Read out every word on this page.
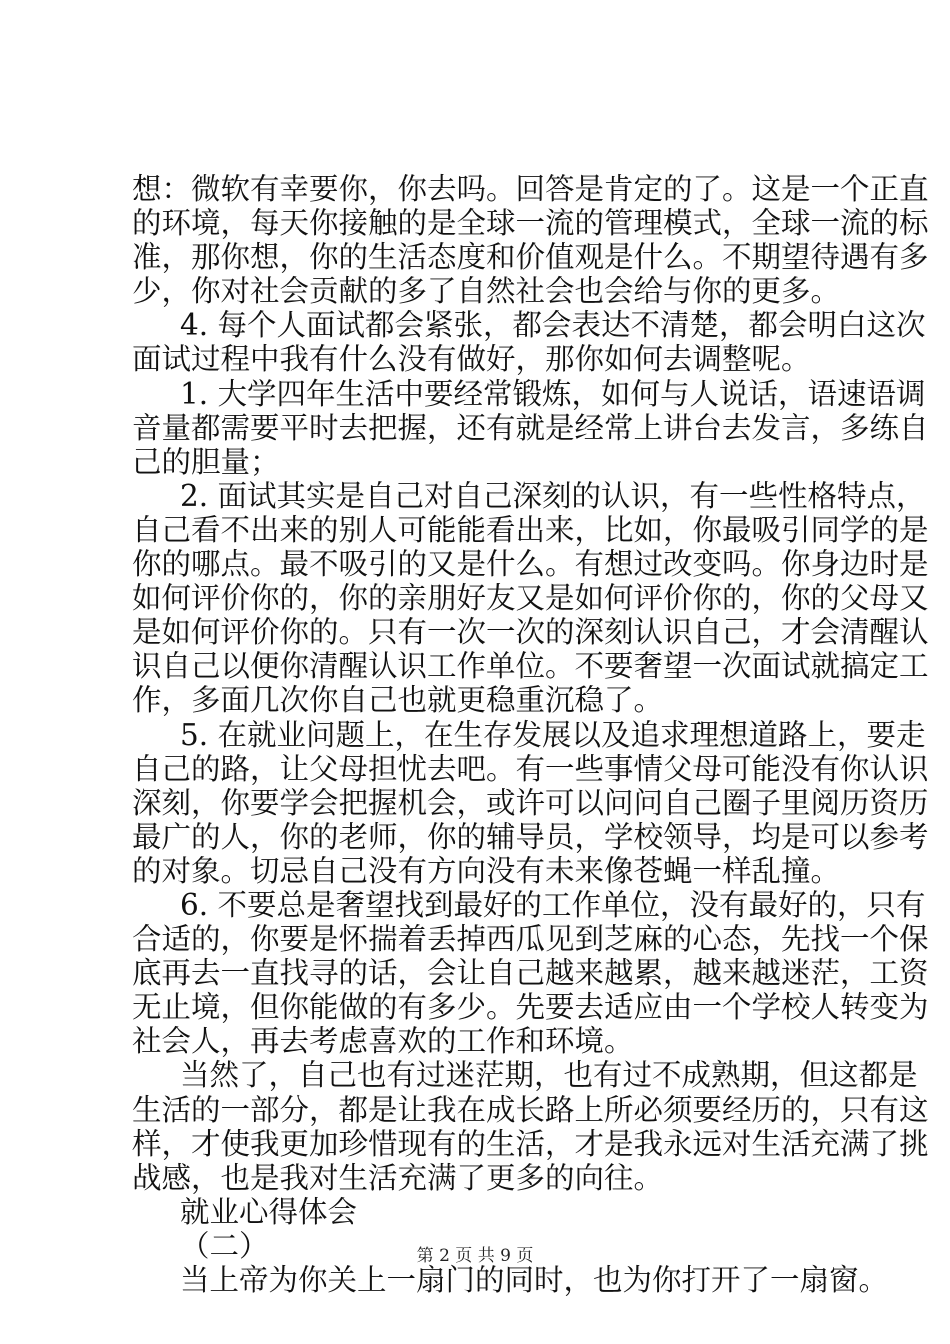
想：微软有幸要你，你去吗。回答是肯定的了。这是一个正直
的环境，每天你接触的是全球一流的管理模式，全球一流的标
准，那你想，你的生活态度和价值观是什么。不期望待遇有多
少，你对社会贡献的多了自然社会也会给与你的更多。
4. 每个人面试都会紧张，都会表达不清楚，都会明白这次
面试过程中我有什么没有做好，那你如何去调整呢。
1. 大学四年生活中要经常锻炼，如何与人说话，语速语调
音量都需要平时去把握，还有就是经常上讲台去发言，多练自
己的胆量；
2. 面试其实是自己对自己深刻的认识，有一些性格特点，
自己看不出来的别人可能能看出来，比如，你最吸引同学的是
你的哪点。最不吸引的又是什么。有想过改变吗。你身边时是
如何评价你的，你的亲朋好友又是如何评价你的，你的父母又
是如何评价你的。只有一次一次的深刻认识自己，才会清醒认
识自己以便你清醒认识工作单位。不要奢望一次面试就搞定工
作，多面几次你自己也就更稳重沉稳了。
5. 在就业问题上，在生存发展以及追求理想道路上，要走
自己的路，让父母担忧去吧。有一些事情父母可能没有你认识
深刻，你要学会把握机会，或许可以问问自己圈子里阅历资历
最广的人，你的老师，你的辅导员，学校领导，均是可以参考
的对象。切忌自己没有方向没有未来像苍蝇一样乱撞。
6. 不要总是奢望找到最好的工作单位，没有最好的，只有
合适的，你要是怀揣着丢掉西瓜见到芝麻的心态，先找一个保
底再去一直找寻的话，会让自己越来越累，越来越迷茫，工资
无止境，但你能做的有多少。先要去适应由一个学校人转变为
社会人，再去考虑喜欢的工作和环境。
当然了，自己也有过迷茫期，也有过不成熟期，但这都是
生活的一部分，都是让我在成长路上所必须要经历的，只有这
样，才使我更加珍惜现有的生活，才是我永远对生活充满了挑
战感，也是我对生活充满了更多的向往。
就业心得体会
（二）
当上帝为你关上一扇门的同时，也为你打开了一扇窗。
第 2 页 共 9 页
